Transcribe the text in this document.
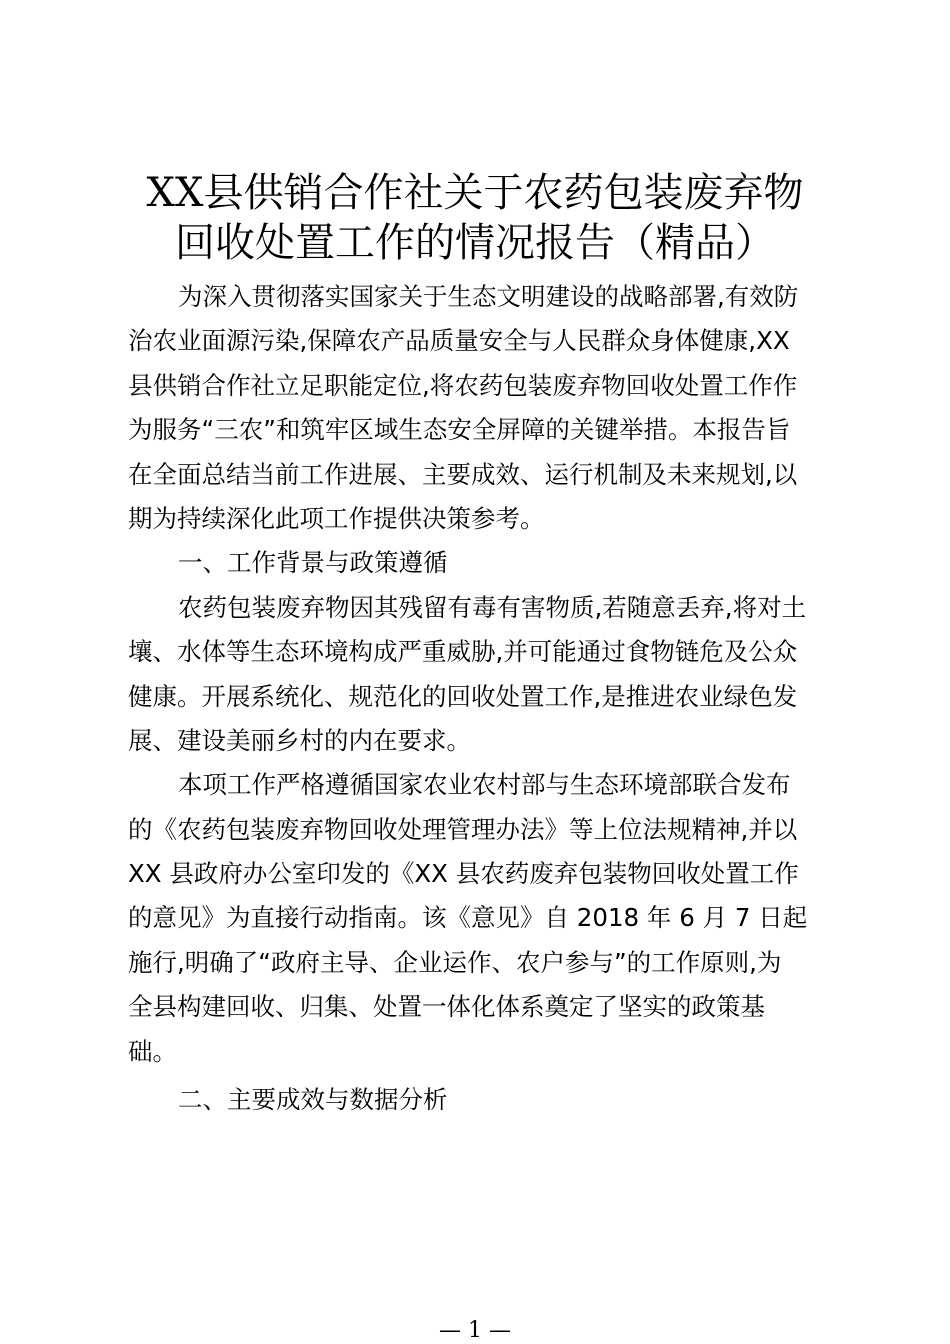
XX县供销合作社关于农药包装废弃物
回收处置工作的情况报告（精品）
为深入贯彻落实国家关于生态文明建设的战略部署,有效防
治农业面源污染,保障农产品质量安全与人民群众身体健康,XX
县供销合作社立足职能定位,将农药包装废弃物回收处置工作作
为服务“三农”和筑牢区域生态安全屏障的关键举措。本报告旨
在全面总结当前工作进展、主要成效、运行机制及未来规划,以
期为持续深化此项工作提供决策参考。
一、工作背景与政策遵循
农药包装废弃物因其残留有毒有害物质,若随意丢弃,将对土
壤、水体等生态环境构成严重威胁,并可能通过食物链危及公众
健康。开展系统化、规范化的回收处置工作,是推进农业绿色发
展、建设美丽乡村的内在要求。
本项工作严格遵循国家农业农村部与生态环境部联合发布
的《农药包装废弃物回收处理管理办法》等上位法规精神,并以
XX 县政府办公室印发的《XX 县农药废弃包装物回收处置工作
的意见》为直接行动指南。该《意见》自 2018 年 6 月 7 日起
施行,明确了“政府主导、企业运作、农户参与”的工作原则,为
全县构建回收、归集、处置一体化体系奠定了坚实的政策基
础。
二、主要成效与数据分析
— 1 —
